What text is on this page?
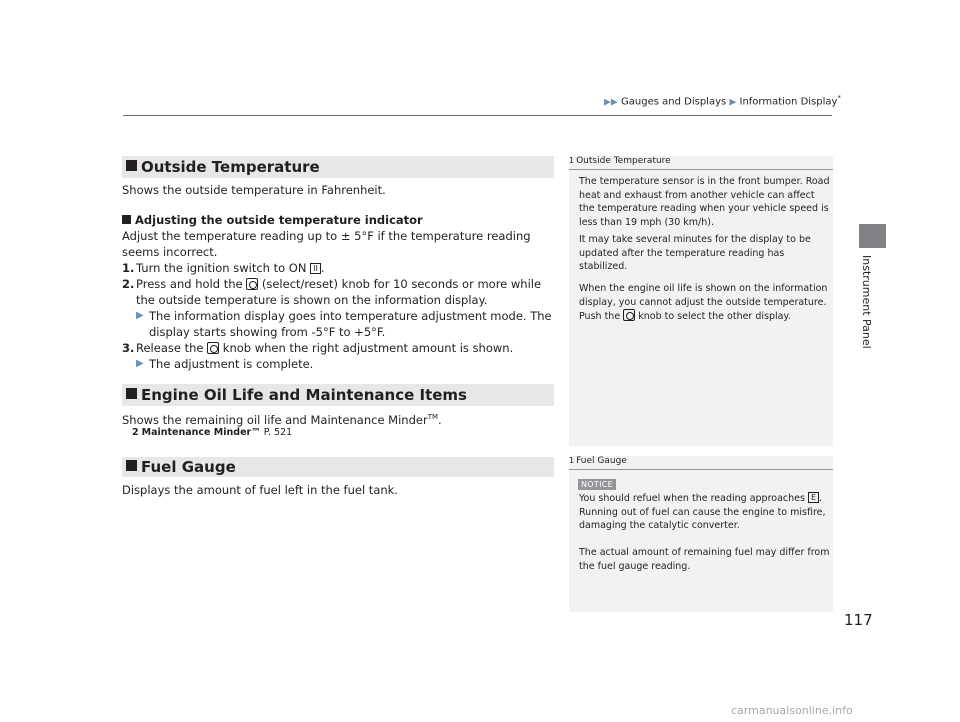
▶▶ Gauges and Displays ▶ Information Display*
Instrument Panel
Outside Temperature
Shows the outside temperature in Fahrenheit.
Adjusting the outside temperature indicator
Adjust the temperature reading up to ± 5°F if the temperature reading seems incorrect.
1. Turn the ignition switch to ON II .
2. Press and hold the (select/reset) knob for 10 seconds or more while the outside temperature is shown on the information display.
▶ The information display goes into temperature adjustment mode. The display starts showing from -5°F to +5°F.
3. Release the knob when the right adjustment amount is shown.
▶ The adjustment is complete.
Engine Oil Life and Maintenance Items
Shows the remaining oil life and Maintenance Minder™.
2 Maintenance Minder™ P. 521
Fuel Gauge
Displays the amount of fuel left in the fuel tank.
1 Outside Temperature
The temperature sensor is in the front bumper. Road heat and exhaust from another vehicle can affect the temperature reading when your vehicle speed is less than 19 mph (30 km/h).
It may take several minutes for the display to be updated after the temperature reading has stabilized.
When the engine oil life is shown on the information display, you cannot adjust the outside temperature. Push the knob to select the other display.
1 Fuel Gauge
NOTICE
You should refuel when the reading approaches E . Running out of fuel can cause the engine to misfire, damaging the catalytic converter.
The actual amount of remaining fuel may differ from the fuel gauge reading.
117
carmanualsonline.info
